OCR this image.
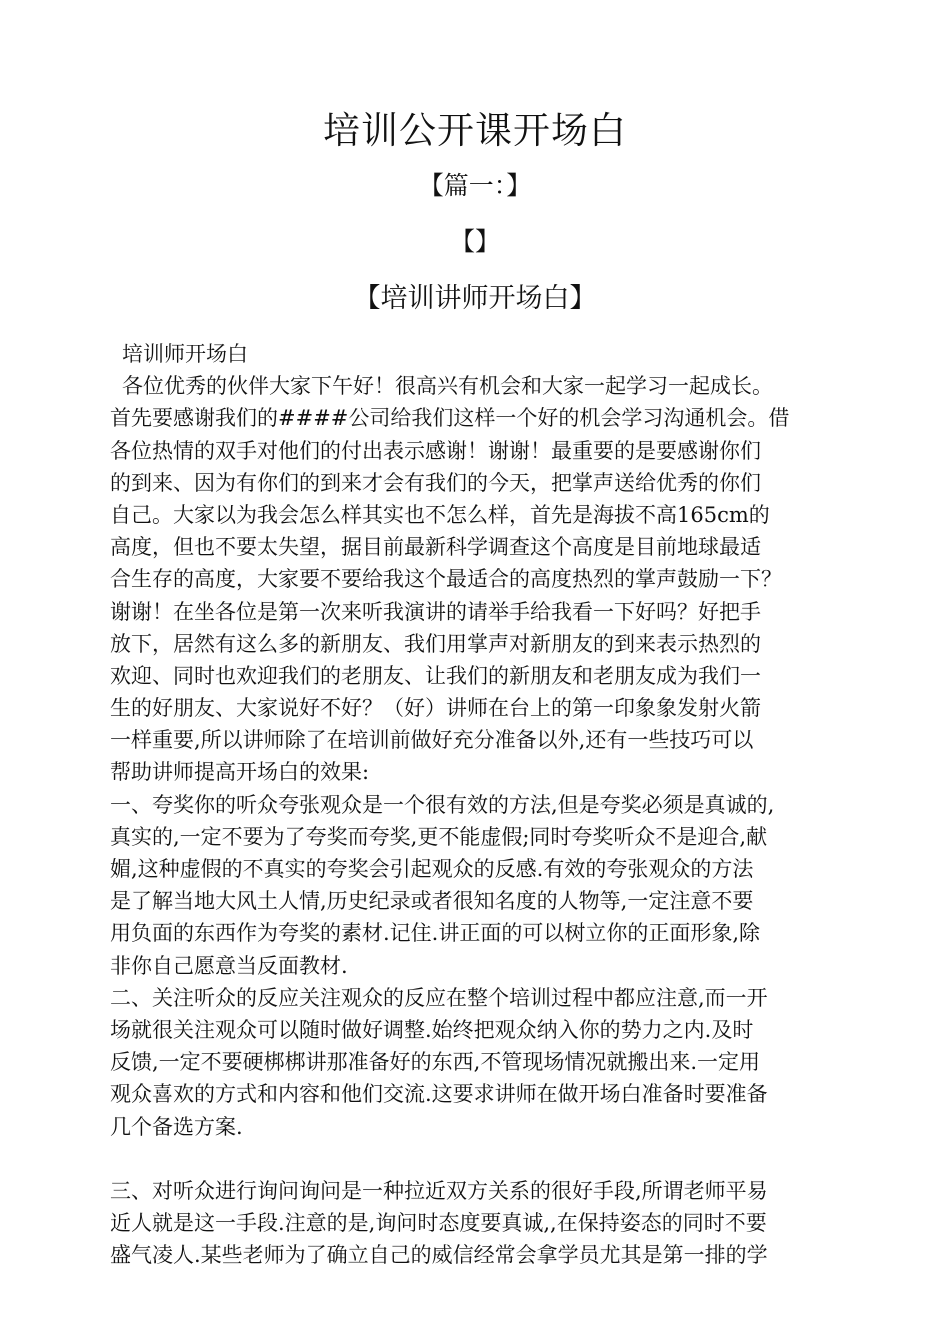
培训公开课开场白
【篇一：】
【】
【培训讲师开场白】
培训师开场白
各位优秀的伙伴大家下午好！很高兴有机会和大家一起学习一起成长。
首先要感谢我们的####公司给我们这样一个好的机会学习沟通机会。借
各位热情的双手对他们的付出表示感谢！谢谢！最重要的是要感谢你们
的到来、因为有你们的到来才会有我们的今天，把掌声送给优秀的你们
自己。大家以为我会怎么样其实也不怎么样，首先是海拔不高165cm的
高度，但也不要太失望，据目前最新科学调查这个高度是目前地球最适
合生存的高度，大家要不要给我这个最适合的高度热烈的掌声鼓励一下？
谢谢！在坐各位是第一次来听我演讲的请举手给我看一下好吗？好把手
放下，居然有这么多的新朋友、我们用掌声对新朋友的到来表示热烈的
欢迎、同时也欢迎我们的老朋友、让我们的新朋友和老朋友成为我们一
生的好朋友、大家说好不好？（好）讲师在台上的第一印象象发射火箭
一样重要,所以讲师除了在培训前做好充分准备以外,还有一些技巧可以
帮助讲师提高开场白的效果:
一、夸奖你的听众夸张观众是一个很有效的方法,但是夸奖必须是真诚的,
真实的,一定不要为了夸奖而夸奖,更不能虚假;同时夸奖听众不是迎合,献
媚,这种虚假的不真实的夸奖会引起观众的反感.有效的夸张观众的方法
是了解当地大风土人情,历史纪录或者很知名度的人物等,一定注意不要
用负面的东西作为夸奖的素材.记住.讲正面的可以树立你的正面形象,除
非你自己愿意当反面教材.
二、关注听众的反应关注观众的反应在整个培训过程中都应注意,而一开
场就很关注观众可以随时做好调整.始终把观众纳入你的势力之内.及时
反馈,一定不要硬梆梆讲那准备好的东西,不管现场情况就搬出来.一定用
观众喜欢的方式和内容和他们交流.这要求讲师在做开场白准备时要准备
几个备选方案.
三、对听众进行询问询问是一种拉近双方关系的很好手段,所谓老师平易
近人就是这一手段.注意的是,询问时态度要真诚,,在保持姿态的同时不要
盛气凌人.某些老师为了确立自己的威信经常会拿学员尤其是第一排的学
